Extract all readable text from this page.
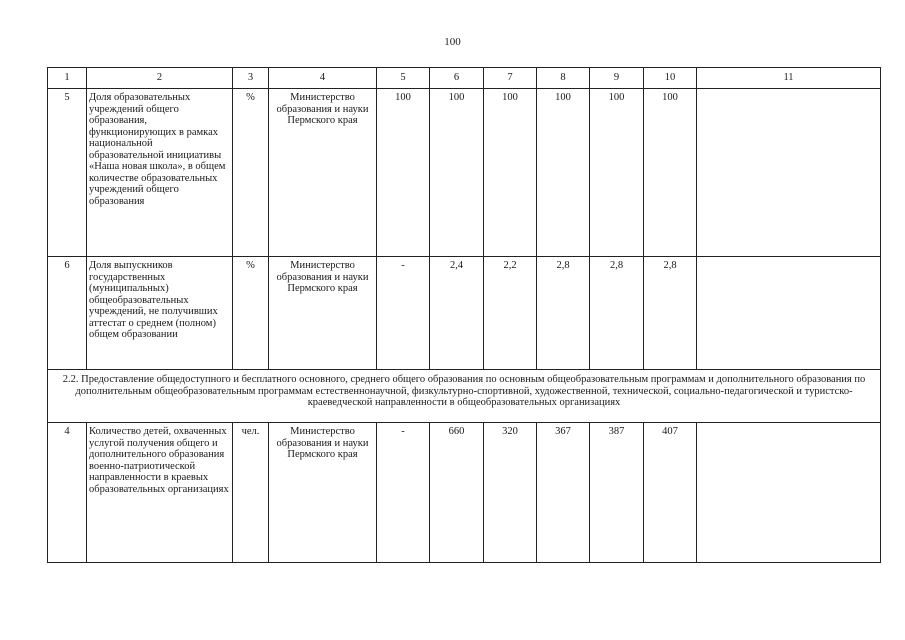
100
1	2	3	4	5	6	7	8	9	10	11
5	Доля образовательных учреждений общего образования, функционирующих в рамках национальной образовательной инициативы «Наша новая школа», в общем количестве образовательных учреждений общего образования	%	Министерство образования и науки Пермского края	100	100	100	100	100	100	
6	Доля выпускников государственных (муниципальных) общеобразовательных учреждений, не получивших аттестат о среднем (полном) общем образовании	%	Министерство образования и науки Пермского края	-	2,4	2,2	2,8	2,8	2,8	
2.2. Предоставление общедоступного и бесплатного основного, среднего общего образования по основным общеобразовательным программам и дополнительного образования по дополнительным общеобразовательным программам естественнонаучной, физкультурно-спортивной, художественной, технической, социально-педагогической и туристско-краеведческой направленности в общеобразовательных организациях										
4	Количество детей, охваченных услугой получения общего и дополнительного образования военно-патриотической направленности в краевых образовательных организациях	чел.	Министерство образования и науки Пермского края	-	660	320	367	387	407	
